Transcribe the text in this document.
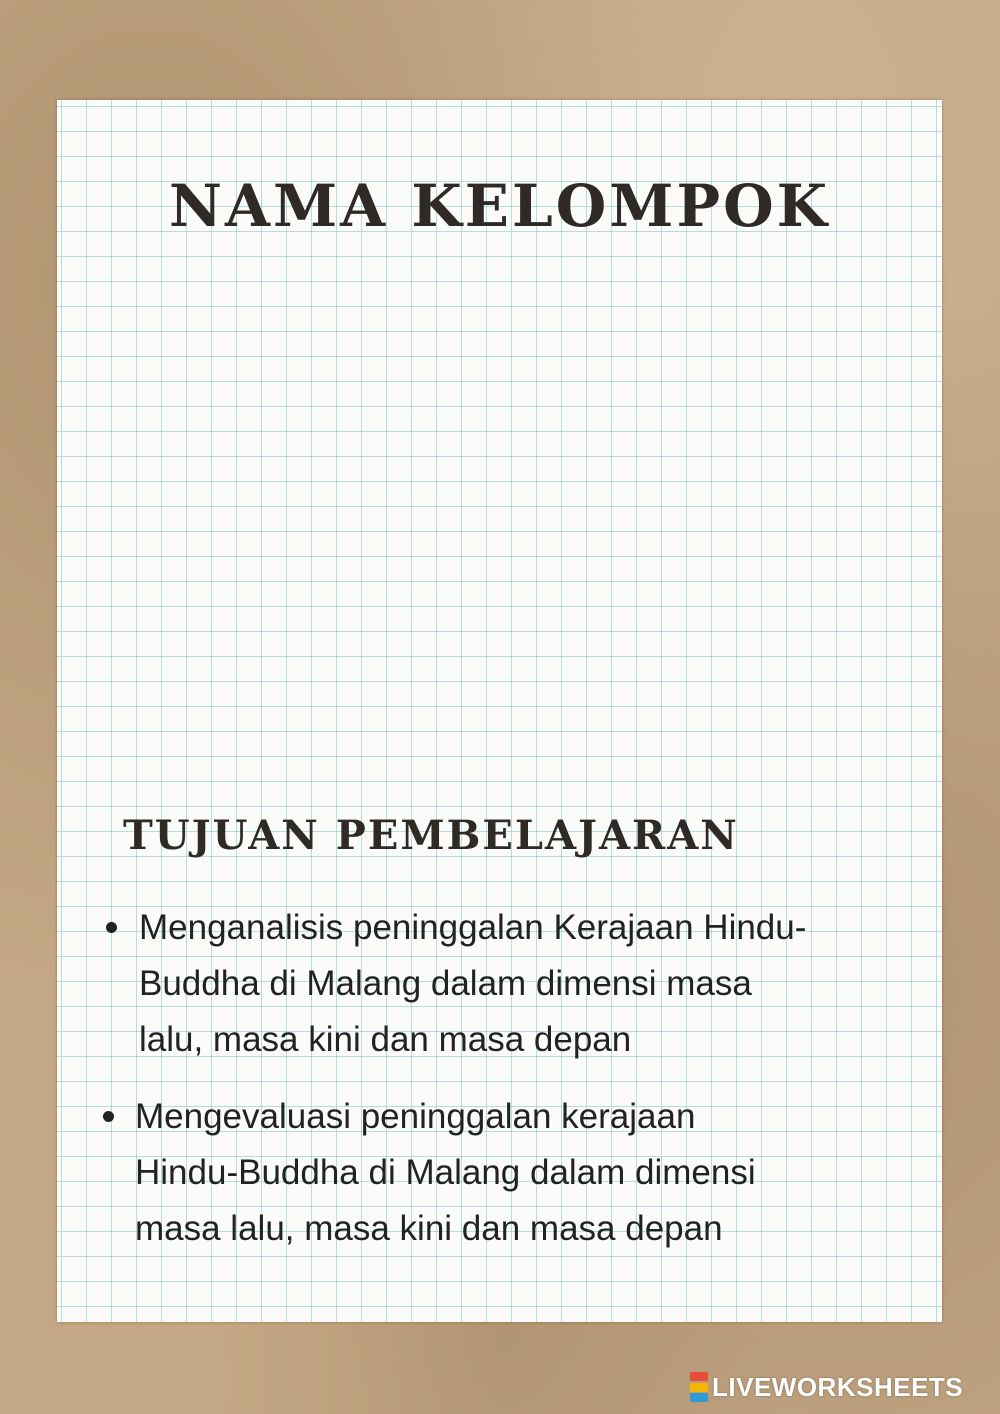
NAMA KELOMPOK
TUJUAN PEMBELAJARAN
Menganalisis peninggalan Kerajaan Hindu-
Buddha di Malang dalam dimensi masa
lalu, masa kini dan masa depan
Mengevaluasi peninggalan kerajaan
Hindu-Buddha di Malang dalam dimensi
masa lalu, masa kini dan masa depan
LIVEWORKSHEETS
